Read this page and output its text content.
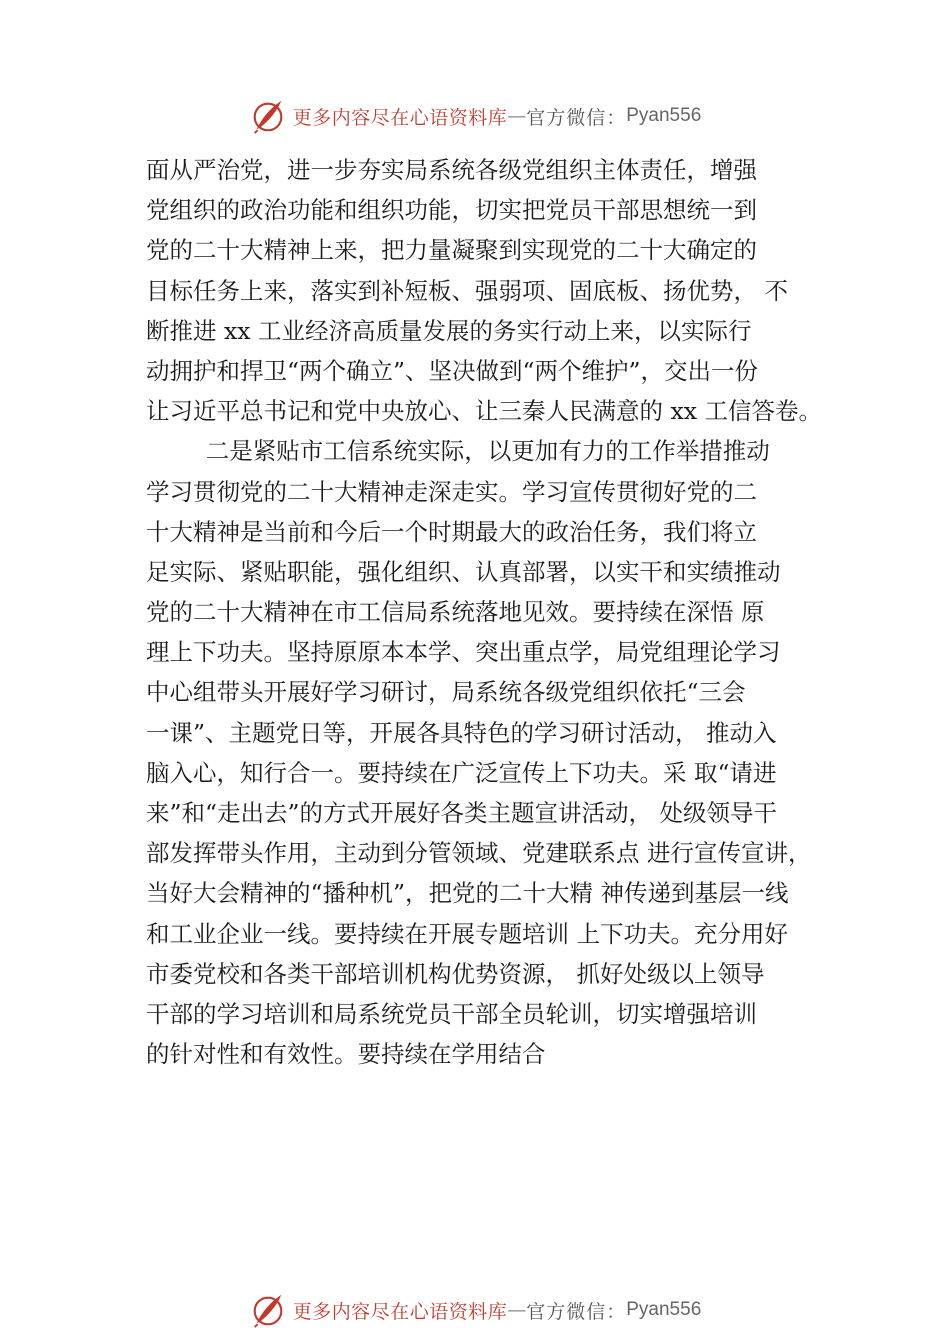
更多内容尽在心语资料库 — 官方微信： Pyan556
面从严治党，进一步夯实局系统各级党组织主体责任，增强
党组织的政治功能和组织功能，切实把党员干部思想统一到
党的二十大精神上来，把力量凝聚到实现党的二十大确定的
目标任务上来，落实到补短板、强弱项、固底板、扬优势， 不
断推进 xx 工业经济高质量发展的务实行动上来，以实际行
动拥护和捍卫“两个确立”、坚决做到“两个维护”，交出一份
让习近平总书记和党中央放心、让三秦人民满意的 xx 工信答卷。
二是紧贴市工信系统实际，以更加有力的工作举措推动
学习贯彻党的二十大精神走深走实。学习宣传贯彻好党的二
十大精神是当前和今后一个时期最大的政治任务，我们将立
足实际、紧贴职能，强化组织、认真部署，以实干和实绩推动
党的二十大精神在市工信局系统落地见效。要持续在深悟 原
理上下功夫。坚持原原本本学、突出重点学，局党组理论学习
中心组带头开展好学习研讨，局系统各级党组织依托“三会
一课”、主题党日等，开展各具特色的学习研讨活动， 推动入
脑入心，知行合一。要持续在广泛宣传上下功夫。采 取“请进
来”和“走出去”的方式开展好各类主题宣讲活动， 处级领导干
部发挥带头作用，主动到分管领域、党建联系点 进行宣传宣讲，
当好大会精神的“播种机”，把党的二十大精 神传递到基层一线
和工业企业一线。要持续在开展专题培训 上下功夫。充分用好
市委党校和各类干部培训机构优势资源， 抓好处级以上领导
干部的学习培训和局系统党员干部全员轮训，切实增强培训
的针对性和有效性。要持续在学用结合
更多内容尽在心语资料库 — 官方微信： Pyan556
